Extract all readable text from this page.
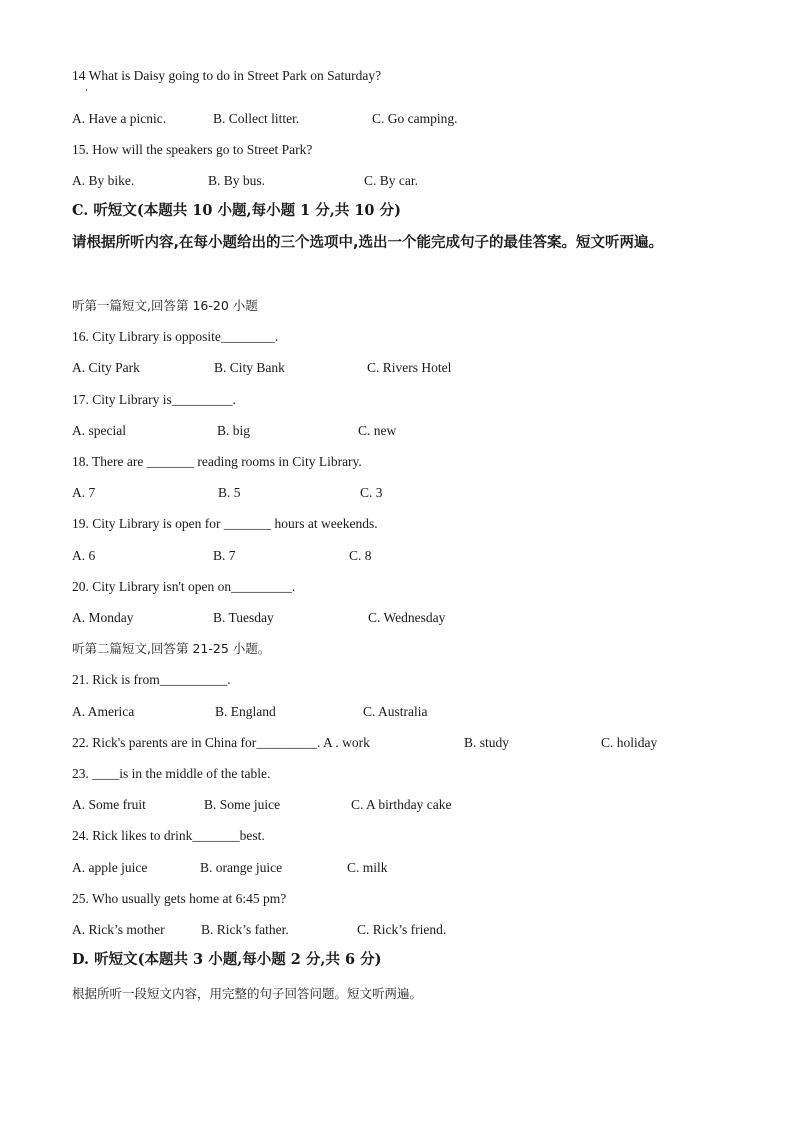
14 What is Daisy going to do in Street Park on Saturday?
A. Have a picnic.	B. Collect litter.	C. Go camping.
15. How will the speakers go to Street Park?
A. By bike.	B. By bus.	C. By car.
C. 听短文(本题共 10 小题,每小题 1 分,共 10 分)
请根据所听内容,在每小题给出的三个选项中,选出一个能完成句子的最佳答案。短文听两遍。
听第一篇短文,回答第 16-20 小题
16. City Library is opposite________.
A. City Park	B. City Bank	C. Rivers Hotel
17. City Library is_________.
A. special	B. big	C. new
18. There are _______ reading rooms in City Library.
A. 7	B. 5	C. 3
19. City Library is open for _______ hours at weekends.
A. 6	B. 7	C. 8
20. City Library isn't open on_________.
A. Monday	B. Tuesday	C. Wednesday
听第二篇短文,回答第 21-25 小题。
21. Rick is from__________.
A. America	B. England	C. Australia
22. Rick's parents are in China for_________. A . work	B. study	C. holiday
23. ____is in the middle of the table.
A. Some fruit	B. Some juice	C. A birthday cake
24. Rick likes to drink_______best.
A. apple juice	B. orange juice	C. milk
25. Who usually gets home at 6:45 pm?
A. Rick’s mother	B. Rick’s father.	C. Rick’s friend.
D. 听短文(本题共 3 小题,每小题 2 分,共 6 分)
根据所听一段短文内容，用完整的句子回答问题。短文听两遍。
